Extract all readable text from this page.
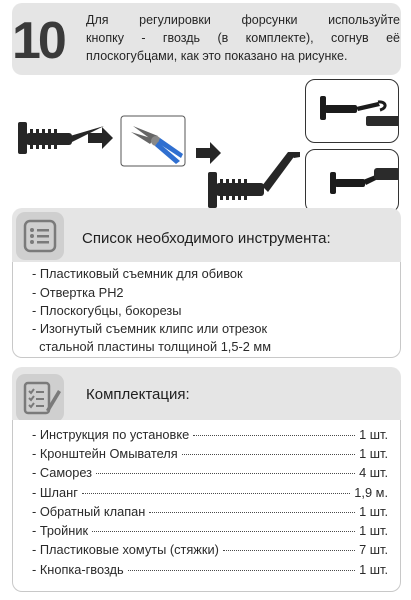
10	Для регулировки форсунки используйте
кнопку - гвоздь (в комплекте), согнув её
плоскогубцами, как это показано на рисунке.
Список необходимого инструмента:
- Пластиковый съемник для обивок
- Отвертка PH2
- Плоскогубцы, бокорезы
- Изогнутый съемник клипс или отрезок
стальной пластины толщиной 1,5-2 мм
Комплектация:
- Инструкция по установке	1 шт.
- Кронштейн Омывателя	1 шт.
- Саморез	4 шт.
- Шланг	1,9 м.
- Обратный клапан	1 шт.
- Тройник	1 шт.
- Пластиковые хомуты (стяжки)	7 шт.
- Кнопка-гвоздь	1 шт.
